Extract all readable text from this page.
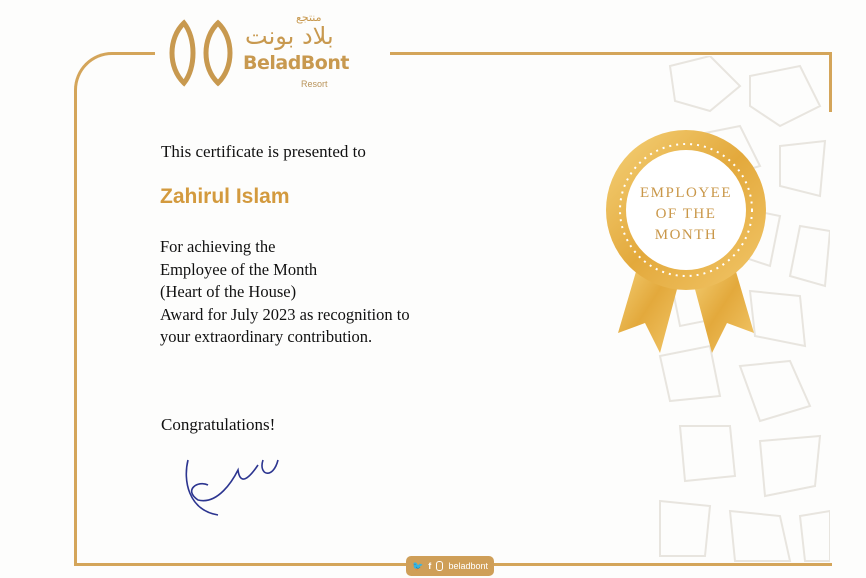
منتجع
بلاد بونت
BeladBont
Resort
This certificate is presented to
Zahirul Islam
For achieving the
Employee of the Month
(Heart of the House)
Award for July 2023 as recognition to
your extraordinary contribution.
Congratulations!
EMPLOYEE
OF THE
MONTH
🐦 f beladbont
